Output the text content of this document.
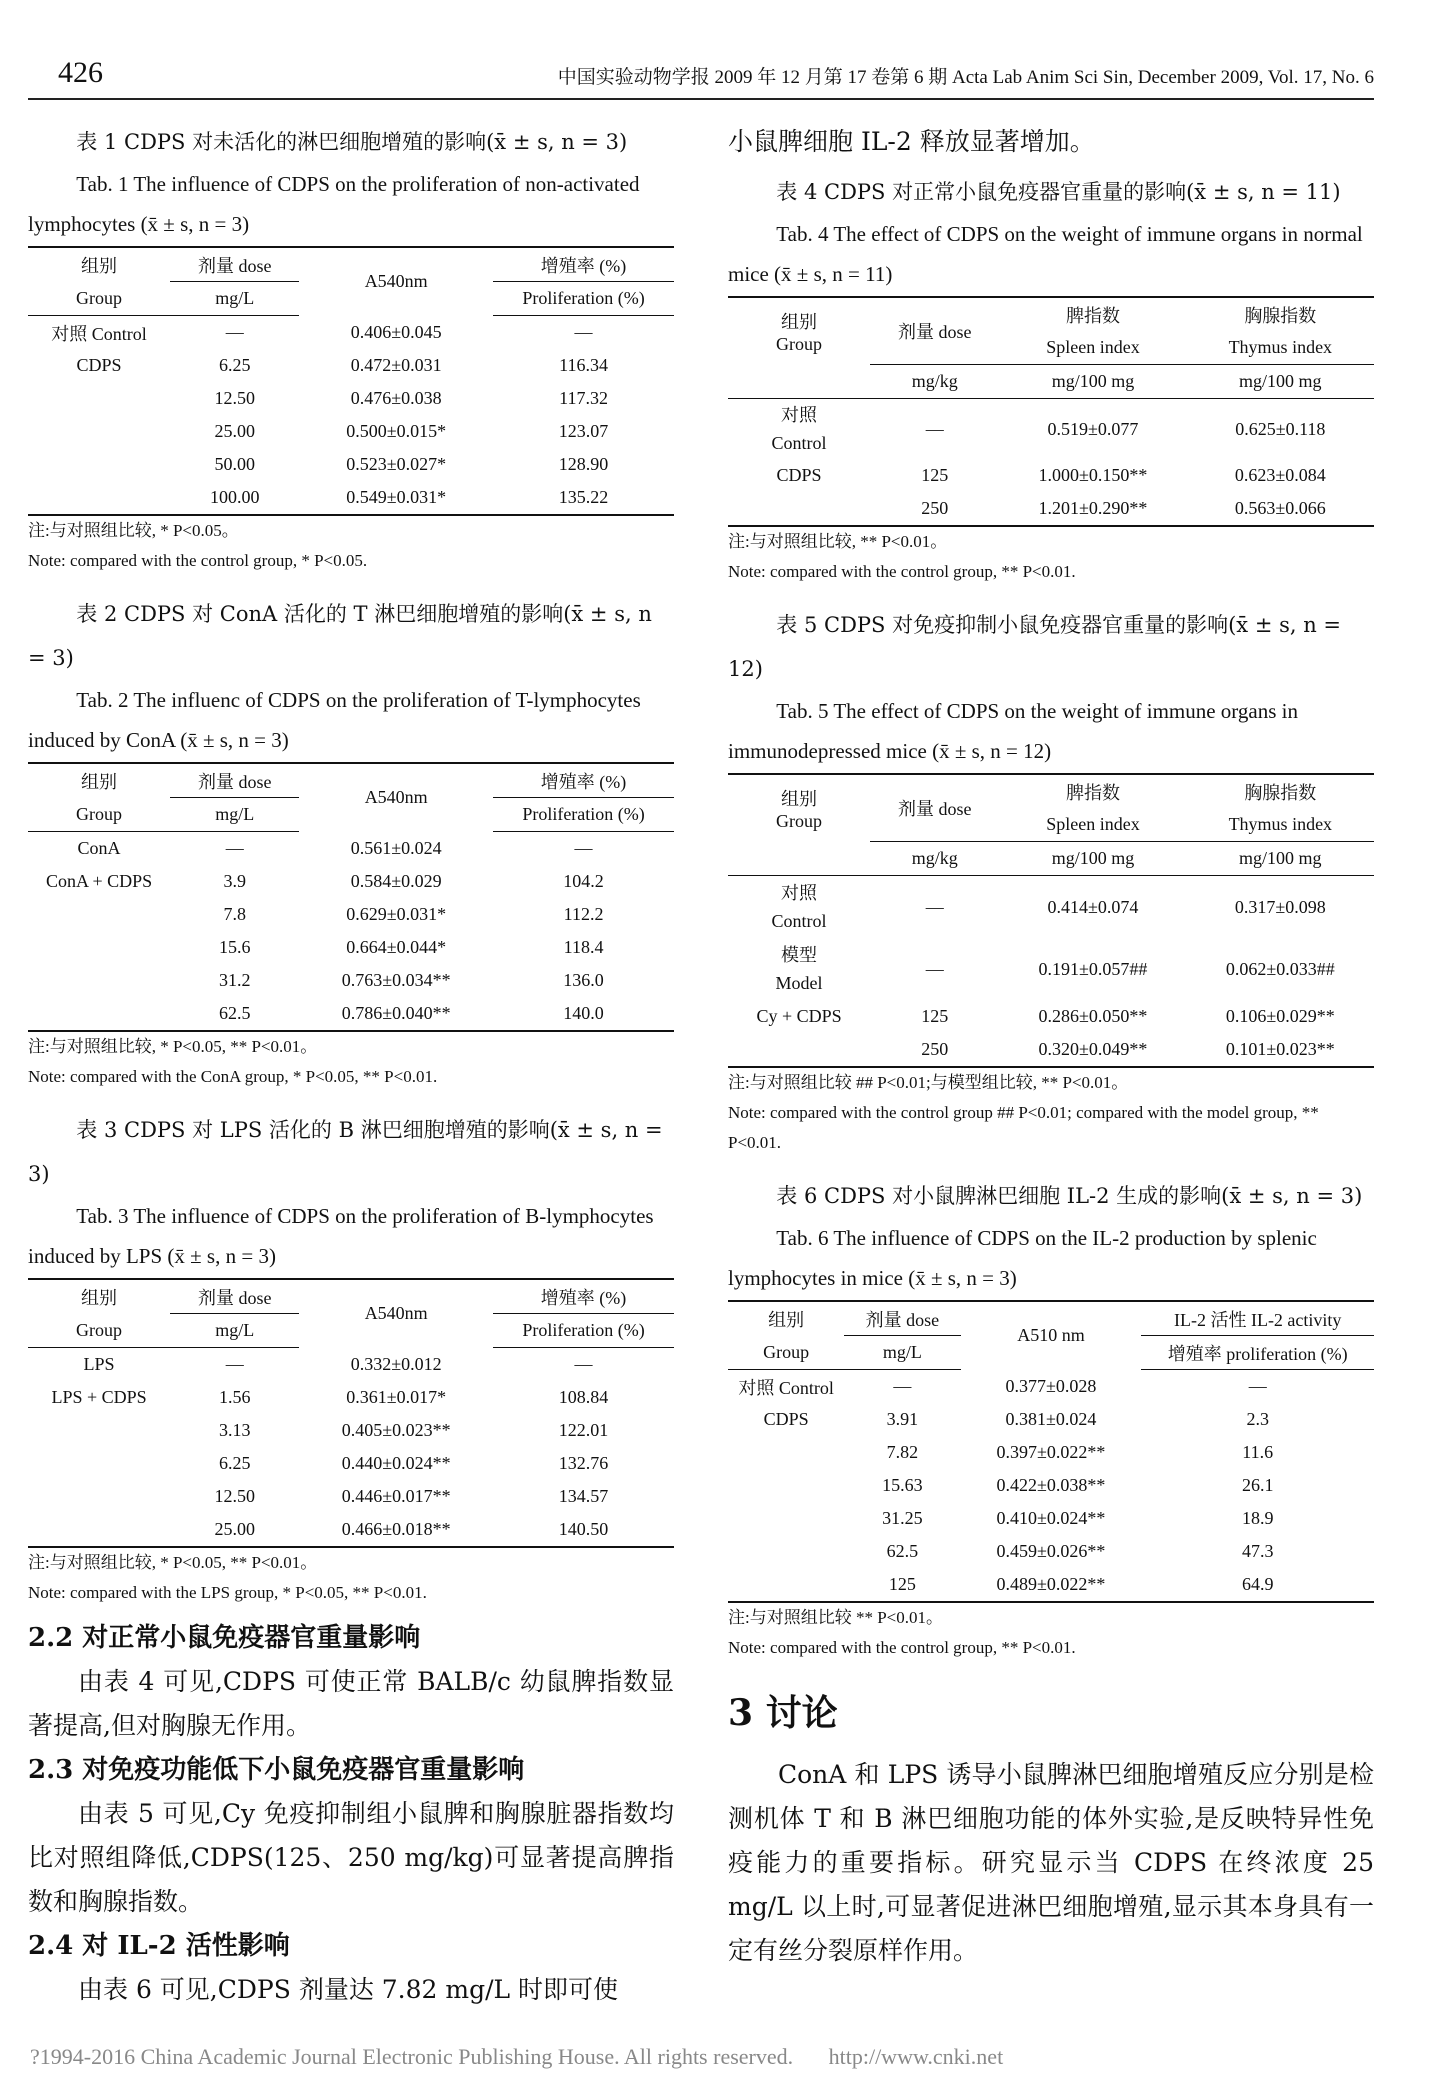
426	中国实验动物学报 2009 年 12 月第 17 卷第 6 期 Acta Lab Anim Sci Sin, December 2009, Vol. 17, No. 6

表 1 CDPS 对未活化的淋巴细胞增殖的影响(x̄ ± s, n = 3)

Tab. 1 The influence of CDPS on the proliferation of non-activated lymphocytes (x̄ ± s, n = 3)

组别	剂量 dose	A540nm	增殖率 (%)
Group	mg/L		Proliferation (%)
对照 Control	—	0.406±0.045	—
CDPS	6.25	0.472±0.031	116.34
	12.50	0.476±0.038	117.32
	25.00	0.500±0.015*	123.07
	50.00	0.523±0.027*	128.90
	100.00	0.549±0.031*	135.22

注:与对照组比较, * P<0.05。

Note: compared with the control group, * P<0.05.

表 2 CDPS 对 ConA 活化的 T 淋巴细胞增殖的影响(x̄ ± s, n = 3)

Tab. 2 The influenc of CDPS on the proliferation of T-lymphocytes induced by ConA (x̄ ± s, n = 3)

组别	剂量 dose	A540nm	增殖率 (%)
Group	mg/L		Proliferation (%)
ConA	—	0.561±0.024	—
ConA + CDPS	3.9	0.584±0.029	104.2
	7.8	0.629±0.031*	112.2
	15.6	0.664±0.044*	118.4
	31.2	0.763±0.034**	136.0
	62.5	0.786±0.040**	140.0

注:与对照组比较, * P<0.05, ** P<0.01。

Note: compared with the ConA group, * P<0.05, ** P<0.01.

表 3 CDPS 对 LPS 活化的 B 淋巴细胞增殖的影响(x̄ ± s, n = 3)

Tab. 3 The influence of CDPS on the proliferation of B-lymphocytes induced by LPS (x̄ ± s, n = 3)

组别	剂量 dose	A540nm	增殖率 (%)
Group	mg/L		Proliferation (%)
LPS	—	0.332±0.012	—
LPS + CDPS	1.56	0.361±0.017*	108.84
	3.13	0.405±0.023**	122.01
	6.25	0.440±0.024**	132.76
	12.50	0.446±0.017**	134.57
	25.00	0.466±0.018**	140.50

注:与对照组比较, * P<0.05, ** P<0.01。

Note: compared with the LPS group, * P<0.05, ** P<0.01.

2.2 对正常小鼠免疫器官重量影响

由表 4 可见,CDPS 可使正常 BALB/c 幼鼠脾指数显著提高,但对胸腺无作用。

2.3 对免疫功能低下小鼠免疫器官重量影响

由表 5 可见,Cy 免疫抑制组小鼠脾和胸腺脏器指数均比对照组降低,CDPS(125、250 mg/kg)可显著提高脾指数和胸腺指数。

2.4 对 IL-2 活性影响

由表 6 可见,CDPS 剂量达 7.82 mg/L 时即可使

小鼠脾细胞 IL-2 释放显著增加。

表 4 CDPS 对正常小鼠免疫器官重量的影响(x̄ ± s, n = 11)

Tab. 4 The effect of CDPS on the weight of immune organs in normal mice (x̄ ± s, n = 11)

组别
Group	剂量 dose	脾指数	胸腺指数
		Spleen index	Thymus index
	mg/kg	mg/100 mg	mg/100 mg
对照
Control	—	0.519±0.077	0.625±0.118
CDPS	125	1.000±0.150**	0.623±0.084
	250	1.201±0.290**	0.563±0.066

注:与对照组比较, ** P<0.01。

Note: compared with the control group, ** P<0.01.

表 5 CDPS 对免疫抑制小鼠免疫器官重量的影响(x̄ ± s, n = 12)

Tab. 5 The effect of CDPS on the weight of immune organs in immunodepressed mice (x̄ ± s, n = 12)

组别
Group	剂量 dose	脾指数	胸腺指数
		Spleen index	Thymus index
	mg/kg	mg/100 mg	mg/100 mg
对照
Control	—	0.414±0.074	0.317±0.098
模型
Model	—	0.191±0.057##	0.062±0.033##
Cy + CDPS	125	0.286±0.050**	0.106±0.029**
	250	0.320±0.049**	0.101±0.023**

注:与对照组比较 ## P<0.01;与模型组比较, ** P<0.01。

Note: compared with the control group ## P<0.01; compared with the model group, ** P<0.01.

表 6 CDPS 对小鼠脾淋巴细胞 IL-2 生成的影响(x̄ ± s, n = 3)

Tab. 6 The influence of CDPS on the IL-2 production by splenic lymphocytes in mice (x̄ ± s, n = 3)

组别	剂量 dose	A510 nm	IL-2 活性 IL-2 activity
Group	mg/L		增殖率 proliferation (%)
对照 Control	—	0.377±0.028	—
CDPS	3.91	0.381±0.024	2.3
	7.82	0.397±0.022**	11.6
	15.63	0.422±0.038**	26.1
	31.25	0.410±0.024**	18.9
	62.5	0.459±0.026**	47.3
	125	0.489±0.022**	64.9

注:与对照组比较 ** P<0.01。

Note: compared with the control group, ** P<0.01.

3 讨论

ConA 和 LPS 诱导小鼠脾淋巴细胞增殖反应分别是检测机体 T 和 B 淋巴细胞功能的体外实验,是反映特异性免疫能力的重要指标。研究显示当 CDPS 在终浓度 25 mg/L 以上时,可显著促进淋巴细胞增殖,显示其本身具有一定有丝分裂原样作用。

?1994-2016 China Academic Journal Electronic Publishing House. All rights reserved. http://www.cnki.net
